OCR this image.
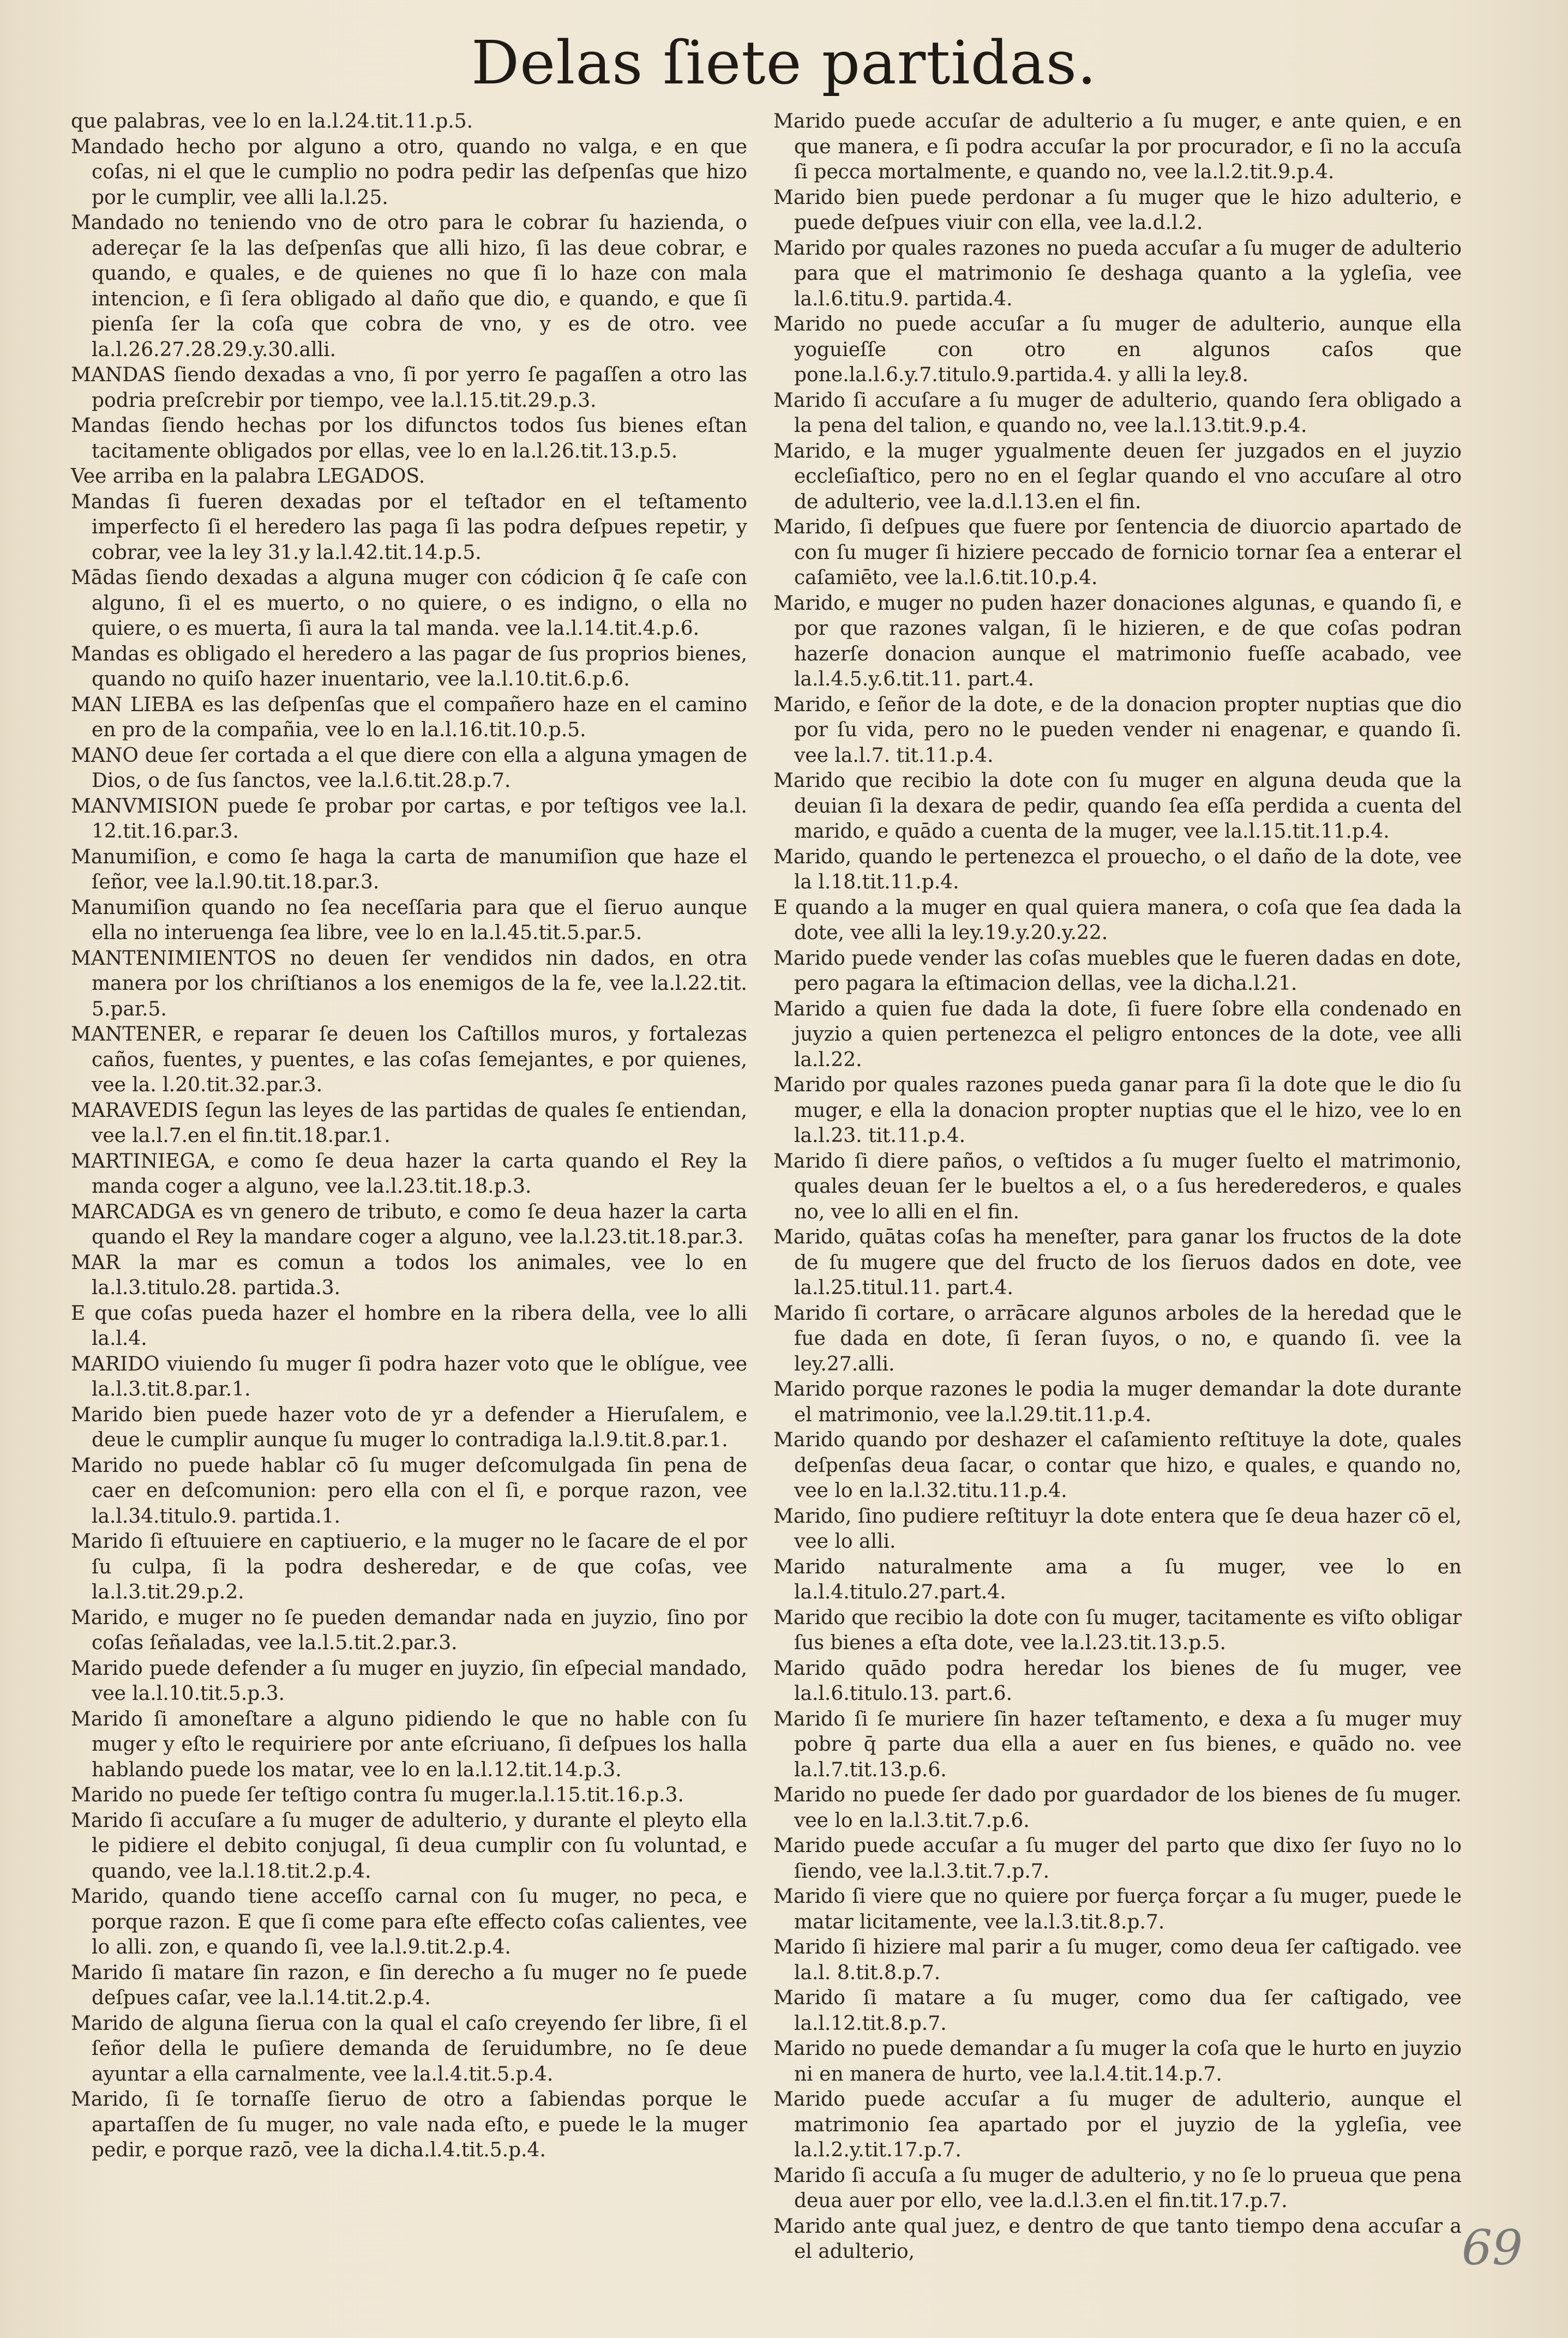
Delas ſiete partidas.

que palabras, vee lo en la.l.24.tit.11.p.5.

Mandado hecho por alguno a otro, quando no valga, e en que coſas, ni el que le cumplio no podra pedir las deſpenſas que hizo por le cumplir, vee alli la.l.25.

Mandado no teniendo vno de otro para le cobrar ſu hazienda, o adereçar ſe la las deſpenſas que alli hizo, ſi las deue cobrar, e quando, e quales, e de quienes no que ſi lo haze con mala intencion, e ſi ſera obligado al daño que dio, e quando, e que ſi pienſa ſer la coſa que cobra de vno, y es de otro. vee la.l.26.27.28.29.y.30.alli.

MANDAS ſiendo dexadas a vno, ſi por yerro ſe pagaſſen a otro las podria preſcrebir por tiempo, vee la.l.15.tit.29.p.3.

Mandas ſiendo hechas por los difunctos todos ſus bienes eſtan tacitamente obligados por ellas, vee lo en la.l.26.tit.13.p.5.

Vee arriba en la palabra LEGADOS.

Mandas ſi fueren dexadas por el teſtador en el teſtamento imperfecto ſi el heredero las paga ſi las podra deſpues repetir, y cobrar, vee la ley 31.y la.l.42.tit.14.p.5.

Mādas ſiendo dexadas a alguna muger con códicion q̄ ſe caſe con alguno, ſi el es muerto, o no quiere, o es indigno, o ella no quiere, o es muerta, ſi aura la tal manda. vee la.l.14.tit.4.p.6.

Mandas es obligado el heredero a las pagar de ſus proprios bienes, quando no quiſo hazer inuentario, vee la.l.10.tit.6.p.6.

MAN LIEBA es las deſpenſas que el compañero haze en el camino en pro de la compañia, vee lo en la.l.16.tit.10.p.5.

MANO deue ſer cortada a el que diere con ella a alguna ymagen de Dios, o de ſus ſanctos, vee la.l.6.tit.28.p.7.

MANVMISION puede ſe probar por cartas, e por teſtigos vee la.l. 12.tit.16.par.3.

Manumiſion, e como ſe haga la carta de manumiſion que haze el ſeñor, vee la.l.90.tit.18.par.3.

Manumiſion quando no ſea neceſſaria para que el ſieruo aunque ella no interuenga ſea libre, vee lo en la.l.45.tit.5.par.5.

MANTENIMIENTOS no deuen ſer vendidos nin dados, en otra manera por los chriſtianos a los enemigos de la fe, vee la.l.22.tit. 5.par.5.

MANTENER, e reparar ſe deuen los Caſtillos muros, y fortalezas caños, fuentes, y puentes, e las coſas ſemejantes, e por quienes, vee la. l.20.tit.32.par.3.

MARAVEDIS ſegun las leyes de las partidas de quales ſe entiendan, vee la.l.7.en el fin.tit.18.par.1.

MARTINIEGA, e como ſe deua hazer la carta quando el Rey la manda coger a alguno, vee la.l.23.tit.18.p.3.

MARCADGA es vn genero de tributo, e como ſe deua hazer la carta quando el Rey la mandare coger a alguno, vee la.l.23.tit.18.par.3.

MAR la mar es comun a todos los animales, vee lo en la.l.3.titulo.28. partida.3.

E que coſas pueda hazer el hombre en la ribera della, vee lo alli la.l.4.

MARIDO viuiendo ſu muger ſi podra hazer voto que le oblígue, vee la.l.3.tit.8.par.1.

Marido bien puede hazer voto de yr a defender a Hieruſalem, e deue le cumplir aunque ſu muger lo contradiga la.l.9.tit.8.par.1.

Marido no puede hablar cō ſu muger deſcomulgada ſin pena de caer en deſcomunion: pero ella con el ſi, e porque razon, vee la.l.34.titulo.9. partida.1.

Marido ſi eſtuuiere en captiuerio, e la muger no le ſacare de el por ſu culpa, ſi la podra desheredar, e de que coſas, vee la.l.3.tit.29.p.2.

Marido, e muger no ſe pueden demandar nada en juyzio, ſino por coſas ſeñaladas, vee la.l.5.tit.2.par.3.

Marido puede defender a ſu muger en juyzio, ſin eſpecial mandado, vee la.l.10.tit.5.p.3.

Marido ſi amoneſtare a alguno pidiendo le que no hable con ſu muger y eſto le requiriere por ante eſcriuano, ſi deſpues los halla hablando puede los matar, vee lo en la.l.12.tit.14.p.3.

Marido no puede ſer teſtigo contra ſu muger.la.l.15.tit.16.p.3.

Marido ſi accuſare a ſu muger de adulterio, y durante el pleyto ella le pidiere el debito conjugal, ſi deua cumplir con ſu voluntad, e quando, vee la.l.18.tit.2.p.4.

Marido, quando tiene acceſſo carnal con ſu muger, no peca, e porque razon. E que ſi come para eſte effecto coſas calientes, vee lo alli. zon, e quando ſi, vee la.l.9.tit.2.p.4.

Marido ſi matare ſin razon, e ſin derecho a ſu muger no ſe puede deſpues caſar, vee la.l.14.tit.2.p.4.

Marido de alguna ſierua con la qual el caſo creyendo ſer libre, ſi el ſeñor della le puſiere demanda de ſeruidumbre, no ſe deue ayuntar a ella carnalmente, vee la.l.4.tit.5.p.4.

Marido, ſi ſe tornaſſe ſieruo de otro a ſabiendas porque le apartaſſen de ſu muger, no vale nada eſto, e puede le la muger pedir, e porque razō, vee la dicha.l.4.tit.5.p.4.

Marido puede accuſar de adulterio a ſu muger, e ante quien, e en que manera, e ſi podra accuſar la por procurador, e ſi no la accuſa ſi pecca mortalmente, e quando no, vee la.l.2.tit.9.p.4.

Marido bien puede perdonar a ſu muger que le hizo adulterio, e puede deſpues viuir con ella, vee la.d.l.2.

Marido por quales razones no pueda accuſar a ſu muger de adulterio para que el matrimonio ſe deshaga quanto a la ygleſia, vee la.l.6.titu.9. partida.4.

Marido no puede accuſar a ſu muger de adulterio, aunque ella yoguieſſe con otro en algunos caſos que pone.la.l.6.y.7.titulo.9.partida.4. y alli la ley.8.

Marido ſi accuſare a ſu muger de adulterio, quando ſera obligado a la pena del talion, e quando no, vee la.l.13.tit.9.p.4.

Marido, e la muger ygualmente deuen ſer juzgados en el juyzio eccleſiaſtico, pero no en el ſeglar quando el vno accuſare al otro de adulterio, vee la.d.l.13.en el fin.

Marido, ſi deſpues que fuere por ſentencia de diuorcio apartado de con ſu muger ſi hiziere peccado de fornicio tornar ſea a enterar el caſamiēto, vee la.l.6.tit.10.p.4.

Marido, e muger no puden hazer donaciones algunas, e quando ſi, e por que razones valgan, ſi le hizieren, e de que coſas podran hazerſe donacion aunque el matrimonio fueſſe acabado, vee la.l.4.5.y.6.tit.11. part.4.

Marido, e ſeñor de la dote, e de la donacion propter nuptias que dio por ſu vida, pero no le pueden vender ni enagenar, e quando ſi. vee la.l.7. tit.11.p.4.

Marido que recibio la dote con ſu muger en alguna deuda que la deuian ſi la dexara de pedir, quando ſea eſſa perdida a cuenta del marido, e quādo a cuenta de la muger, vee la.l.15.tit.11.p.4.

Marido, quando le pertenezca el prouecho, o el daño de la dote, vee la l.18.tit.11.p.4.

E quando a la muger en qual quiera manera, o coſa que ſea dada la dote, vee alli la ley.19.y.20.y.22.

Marido puede vender las coſas muebles que le fueren dadas en dote, pero pagara la eſtimacion dellas, vee la dicha.l.21.

Marido a quien fue dada la dote, ſi fuere ſobre ella condenado en juyzio a quien pertenezca el peligro entonces de la dote, vee alli la.l.22.

Marido por quales razones pueda ganar para ſi la dote que le dio ſu muger, e ella la donacion propter nuptias que el le hizo, vee lo en la.l.23. tit.11.p.4.

Marido ſi diere paños, o veſtidos a ſu muger ſuelto el matrimonio, quales deuan ſer le bueltos a el, o a ſus herederederos, e quales no, vee lo alli en el fin.

Marido, quātas coſas ha meneſter, para ganar los fructos de la dote de ſu mugere que del fructo de los ſieruos dados en dote, vee la.l.25.titul.11. part.4.

Marido ſi cortare, o arrācare algunos arboles de la heredad que le fue dada en dote, ſi ſeran ſuyos, o no, e quando ſi. vee la ley.27.alli.

Marido porque razones le podia la muger demandar la dote durante el matrimonio, vee la.l.29.tit.11.p.4.

Marido quando por deshazer el caſamiento reſtituye la dote, quales deſpenſas deua ſacar, o contar que hizo, e quales, e quando no, vee lo en la.l.32.titu.11.p.4.

Marido, ſino pudiere reſtituyr la dote entera que ſe deua hazer cō el, vee lo alli.

Marido naturalmente ama a ſu muger, vee lo en la.l.4.titulo.27.part.4.

Marido que recibio la dote con ſu muger, tacitamente es viſto obligar ſus bienes a eſta dote, vee la.l.23.tit.13.p.5.

Marido quādo podra heredar los bienes de ſu muger, vee la.l.6.titulo.13. part.6.

Marido ſi ſe muriere ſin hazer teſtamento, e dexa a ſu muger muy pobre q̄ parte dua ella a auer en ſus bienes, e quādo no. vee la.l.7.tit.13.p.6.

Marido no puede ſer dado por guardador de los bienes de ſu muger. vee lo en la.l.3.tit.7.p.6.

Marido puede accuſar a ſu muger del parto que dixo ſer ſuyo no lo ſiendo, vee la.l.3.tit.7.p.7.

Marido ſi viere que no quiere por fuerça forçar a ſu muger, puede le matar licitamente, vee la.l.3.tit.8.p.7.

Marido ſi hiziere mal parir a ſu muger, como deua ſer caſtigado. vee la.l. 8.tit.8.p.7.

Marido ſi matare a ſu muger, como dua ſer caſtigado, vee la.l.12.tit.8.p.7.

Marido no puede demandar a ſu muger la coſa que le hurto en juyzio ni en manera de hurto, vee la.l.4.tit.14.p.7.

Marido puede accuſar a ſu muger de adulterio, aunque el matrimonio ſea apartado por el juyzio de la ygleſia, vee la.l.2.y.tit.17.p.7.

Marido ſi accuſa a ſu muger de adulterio, y no ſe lo prueua que pena deua auer por ello, vee la.d.l.3.en el fin.tit.17.p.7.

Marido ante qual juez, e dentro de que tanto tiempo dena accuſar a el adulterio,	69
